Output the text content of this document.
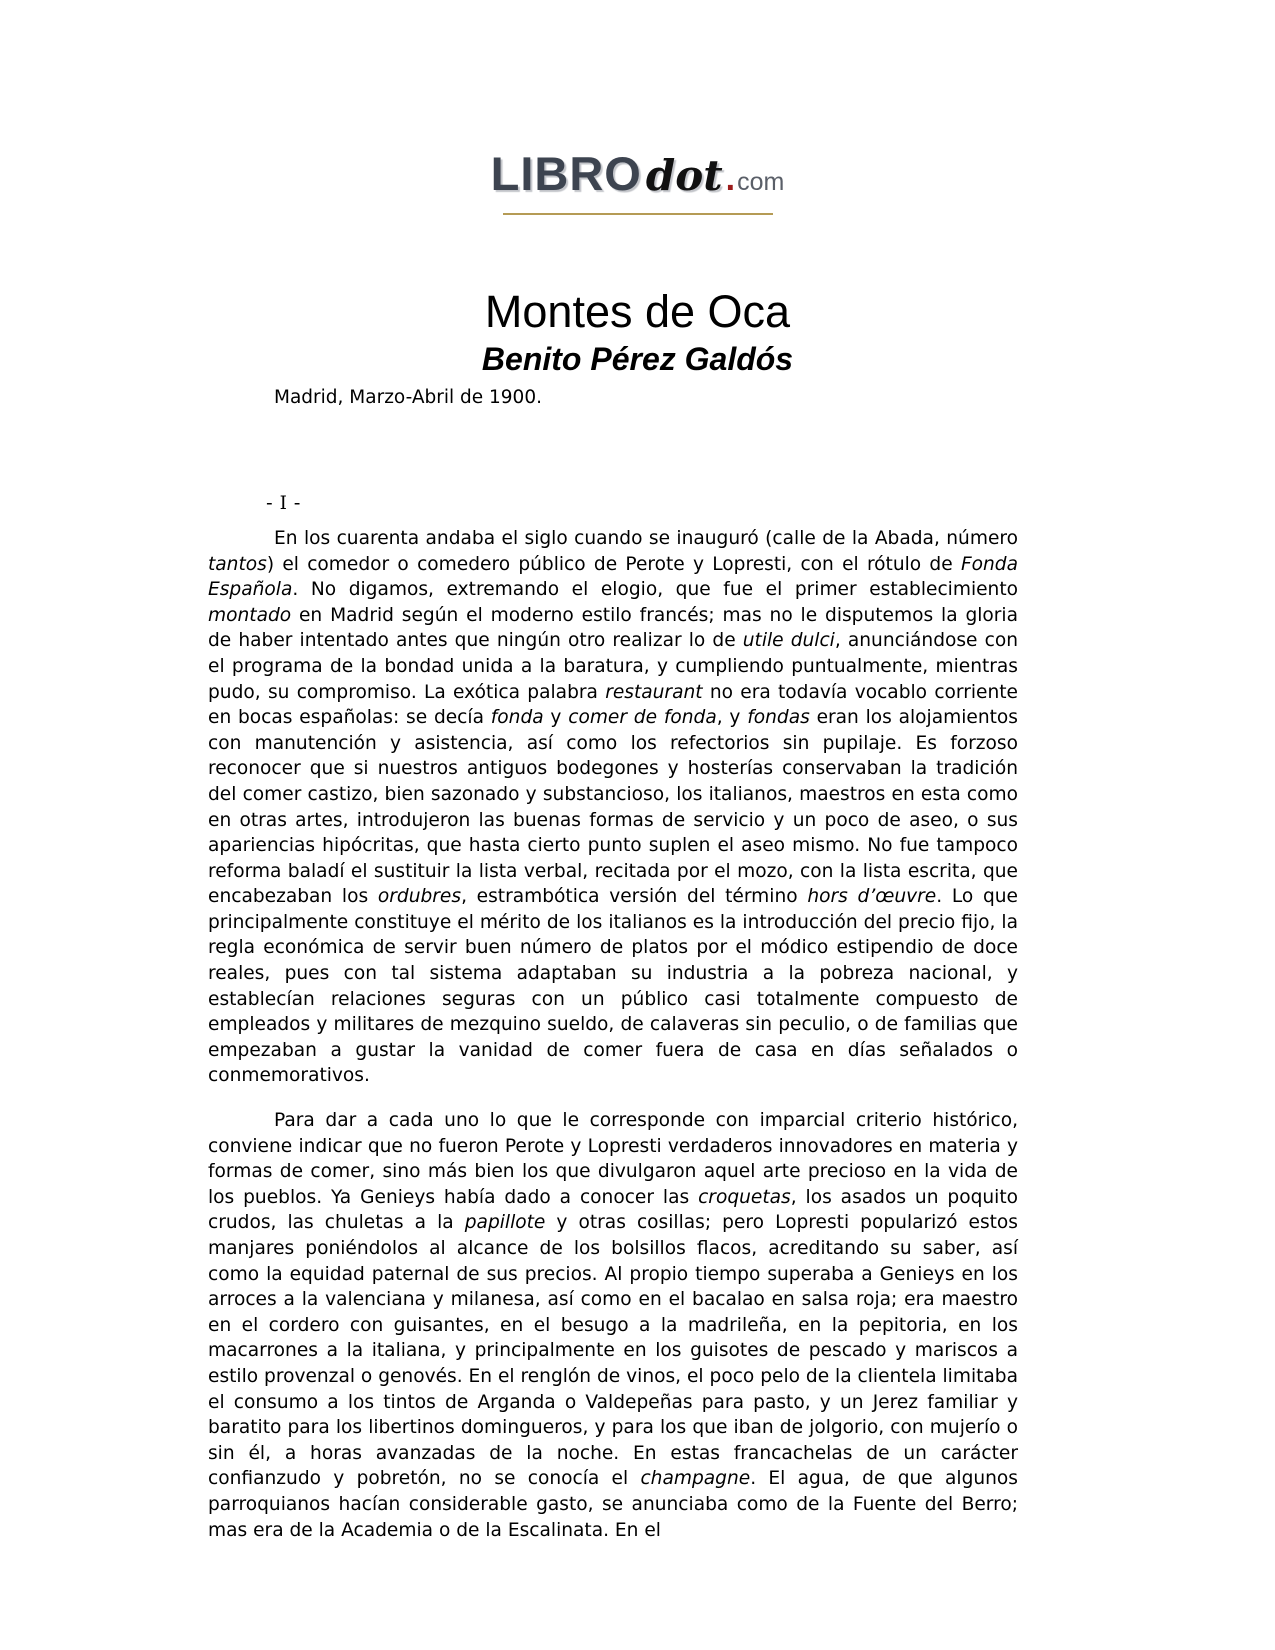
LIBROdot.com
Montes de Oca
Benito Pérez Galdós
Madrid, Marzo-Abril de 1900.
- I -

En los cuarenta andaba el siglo cuando se inauguró (calle de la Abada, número tantos) el comedor o comedero público de Perote y Lopresti, con el rótulo de Fonda Española. No digamos, extremando el elogio, que fue el primer establecimiento montado en Madrid según el moderno estilo francés; mas no le disputemos la gloria de haber intentado antes que ningún otro realizar lo de utile dulci, anunciándose con el programa de la bondad unida a la baratura, y cumpliendo puntualmente, mientras pudo, su compromiso. La exótica palabra restaurant no era todavía vocablo corriente en bocas españolas: se decía fonda y comer de fonda, y fondas eran los alojamientos con manutención y asistencia, así como los refectorios sin pupilaje. Es forzoso reconocer que si nuestros antiguos bodegones y hosterías conservaban la tradición del comer castizo, bien sazonado y substancioso, los italianos, maestros en esta como en otras artes, introdujeron las buenas formas de servicio y un poco de aseo, o sus apariencias hipócritas, que hasta cierto punto suplen el aseo mismo. No fue tampoco reforma baladí el sustituir la lista verbal, recitada por el mozo, con la lista escrita, que encabezaban los ordubres, estrambótica versión del término hors d’œuvre. Lo que principalmente constituye el mérito de los italianos es la introducción del precio fijo, la regla económica de servir buen número de platos por el módico estipendio de doce reales, pues con tal sistema adaptaban su industria a la pobreza nacional, y establecían relaciones seguras con un público casi totalmente compuesto de empleados y militares de mezquino sueldo, de calaveras sin peculio, o de familias que empezaban a gustar la vanidad de comer fuera de casa en días señalados o conmemorativos.

Para dar a cada uno lo que le corresponde con imparcial criterio histórico, conviene indicar que no fueron Perote y Lopresti verdaderos innovadores en materia y formas de comer, sino más bien los que divulgaron aquel arte precioso en la vida de los pueblos. Ya Genieys había dado a conocer las croquetas, los asados un poquito crudos, las chuletas a la papillote y otras cosillas; pero Lopresti popularizó estos manjares poniéndolos al alcance de los bolsillos flacos, acreditando su saber, así como la equidad paternal de sus precios. Al propio tiempo superaba a Genieys en los arroces a la valenciana y milanesa, así como en el bacalao en salsa roja; era maestro en el cordero con guisantes, en el besugo a la madrileña, en la pepitoria, en los macarrones a la italiana, y principalmente en los guisotes de pescado y mariscos a estilo provenzal o genovés. En el renglón de vinos, el poco pelo de la clientela limitaba el consumo a los tintos de Arganda o Valdepeñas para pasto, y un Jerez familiar y baratito para los libertinos domingueros, y para los que iban de jolgorio, con mujerío o sin él, a horas avanzadas de la noche. En estas francachelas de un carácter confianzudo y pobretón, no se conocía el champagne. El agua, de que algunos parroquianos hacían considerable gasto, se anunciaba como de la Fuente del Berro; mas era de la Academia o de la Escalinata. En el
